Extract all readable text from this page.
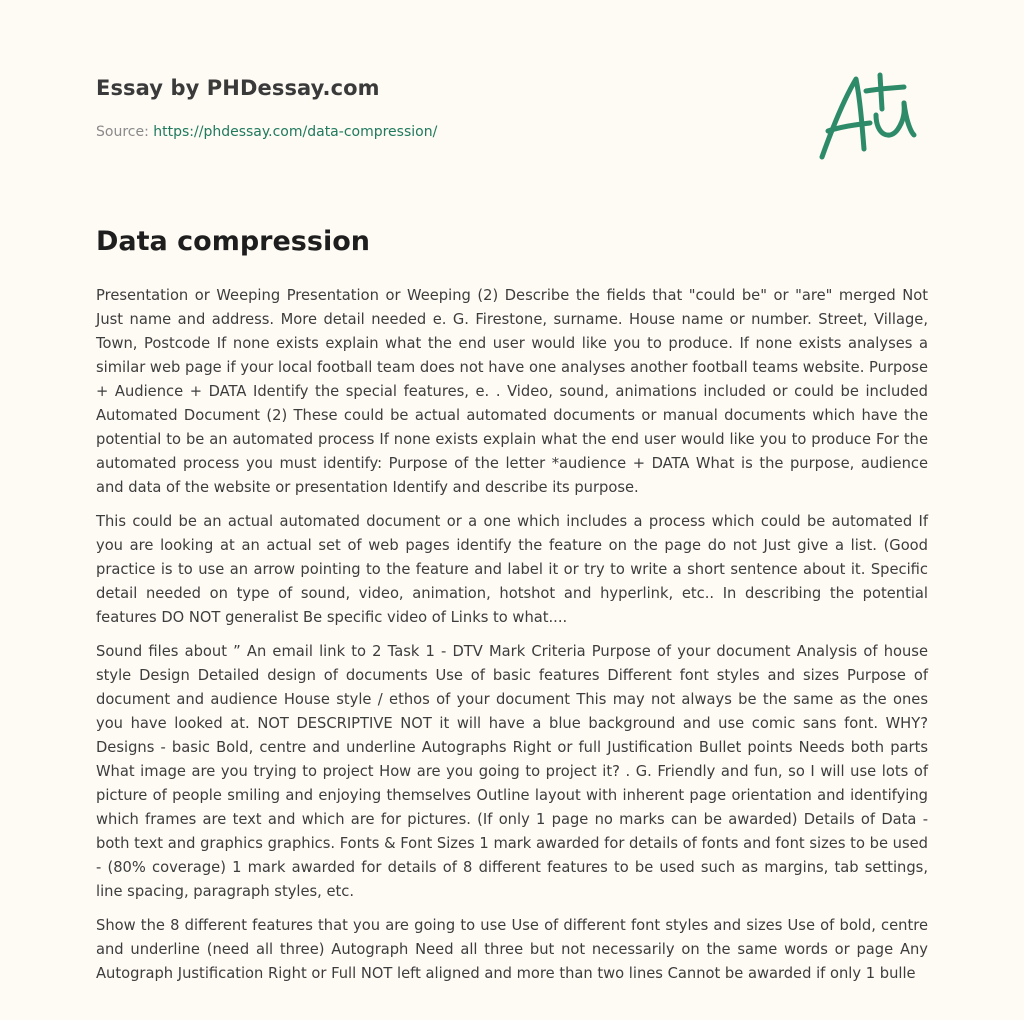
Essay by PHDessay.com

Source: https://phdessay.com/data-compression/

Data compression

Presentation or Weeping Presentation or Weeping (2) Describe the fields that "could be" or "are" merged Not Just name and address. More detail needed e. G. Firestone, surname. House name or number. Street, Village, Town, Postcode If none exists explain what the end user would like you to produce. If none exists analyses a similar web page if your local football team does not have one analyses another football teams website. Purpose + Audience + DATA Identify the special features, e. . Video, sound, animations included or could be included Automated Document (2) These could be actual automated documents or manual documents which have the potential to be an automated process If none exists explain what the end user would like you to produce For the automated process you must identify: Purpose of the letter *audience + DATA What is the purpose, audience and data of the website or presentation Identify and describe its purpose.

This could be an actual automated document or a one which includes a process which could be automated If you are looking at an actual set of web pages identify the feature on the page do not Just give a list. (Good practice is to use an arrow pointing to the feature and label it or try to write a short sentence about it. Specific detail needed on type of sound, video, animation, hotshot and hyperlink, etc.. In describing the potential features DO NOT generalist Be specific video of Links to what....

Sound files about ” An email link to 2 Task 1 - DTV Mark Criteria Purpose of your document Analysis of house style Design Detailed design of documents Use of basic features Different font styles and sizes Purpose of document and audience House style / ethos of your document This may not always be the same as the ones you have looked at. NOT DESCRIPTIVE NOT it will have a blue background and use comic sans font. WHY? Designs - basic Bold, centre and underline Autographs Right or full Justification Bullet points Needs both parts What image are you trying to project How are you going to project it? . G. Friendly and fun, so I will use lots of picture of people smiling and enjoying themselves Outline layout with inherent page orientation and identifying which frames are text and which are for pictures. (If only 1 page no marks can be awarded) Details of Data - both text and graphics graphics. Fonts & Font Sizes 1 mark awarded for details of fonts and font sizes to be used - (80% coverage) 1 mark awarded for details of 8 different features to be used such as margins, tab settings, line spacing, paragraph styles, etc.

Show the 8 different features that you are going to use Use of different font styles and sizes Use of bold, centre and underline (need all three) Autograph Need all three but not necessarily on the same words or page Any Autograph Justification Right or Full NOT left aligned and more than two lines Cannot be awarded if only 1 bulle
